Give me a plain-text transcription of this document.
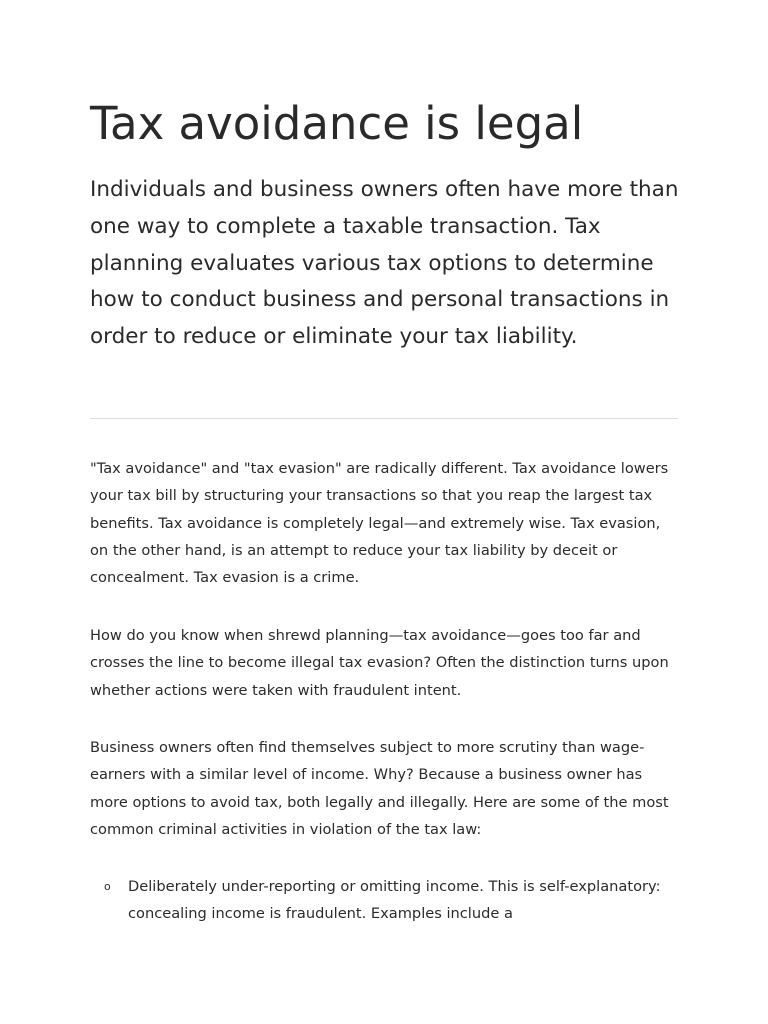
Tax avoidance is legal

Individuals and business owners often have more than one way to complete a taxable transaction. Tax planning evaluates various tax options to determine how to conduct business and personal transactions in order to reduce or eliminate your tax liability.

"Tax avoidance" and "tax evasion" are radically different. Tax avoidance lowers your tax bill by structuring your transactions so that you reap the largest tax benefits. Tax avoidance is completely legal—and extremely wise. Tax evasion, on the other hand, is an attempt to reduce your tax liability by deceit or concealment. Tax evasion is a crime.

How do you know when shrewd planning—tax avoidance—goes too far and crosses the line to become illegal tax evasion? Often the distinction turns upon whether actions were taken with fraudulent intent.

Business owners often find themselves subject to more scrutiny than wage-earners with a similar level of income. Why? Because a business owner has more options to avoid tax, both legally and illegally. Here are some of the most common criminal activities in violation of the tax law:

o Deliberately under-reporting or omitting income. This is self-explanatory: concealing income is fraudulent. Examples include a
